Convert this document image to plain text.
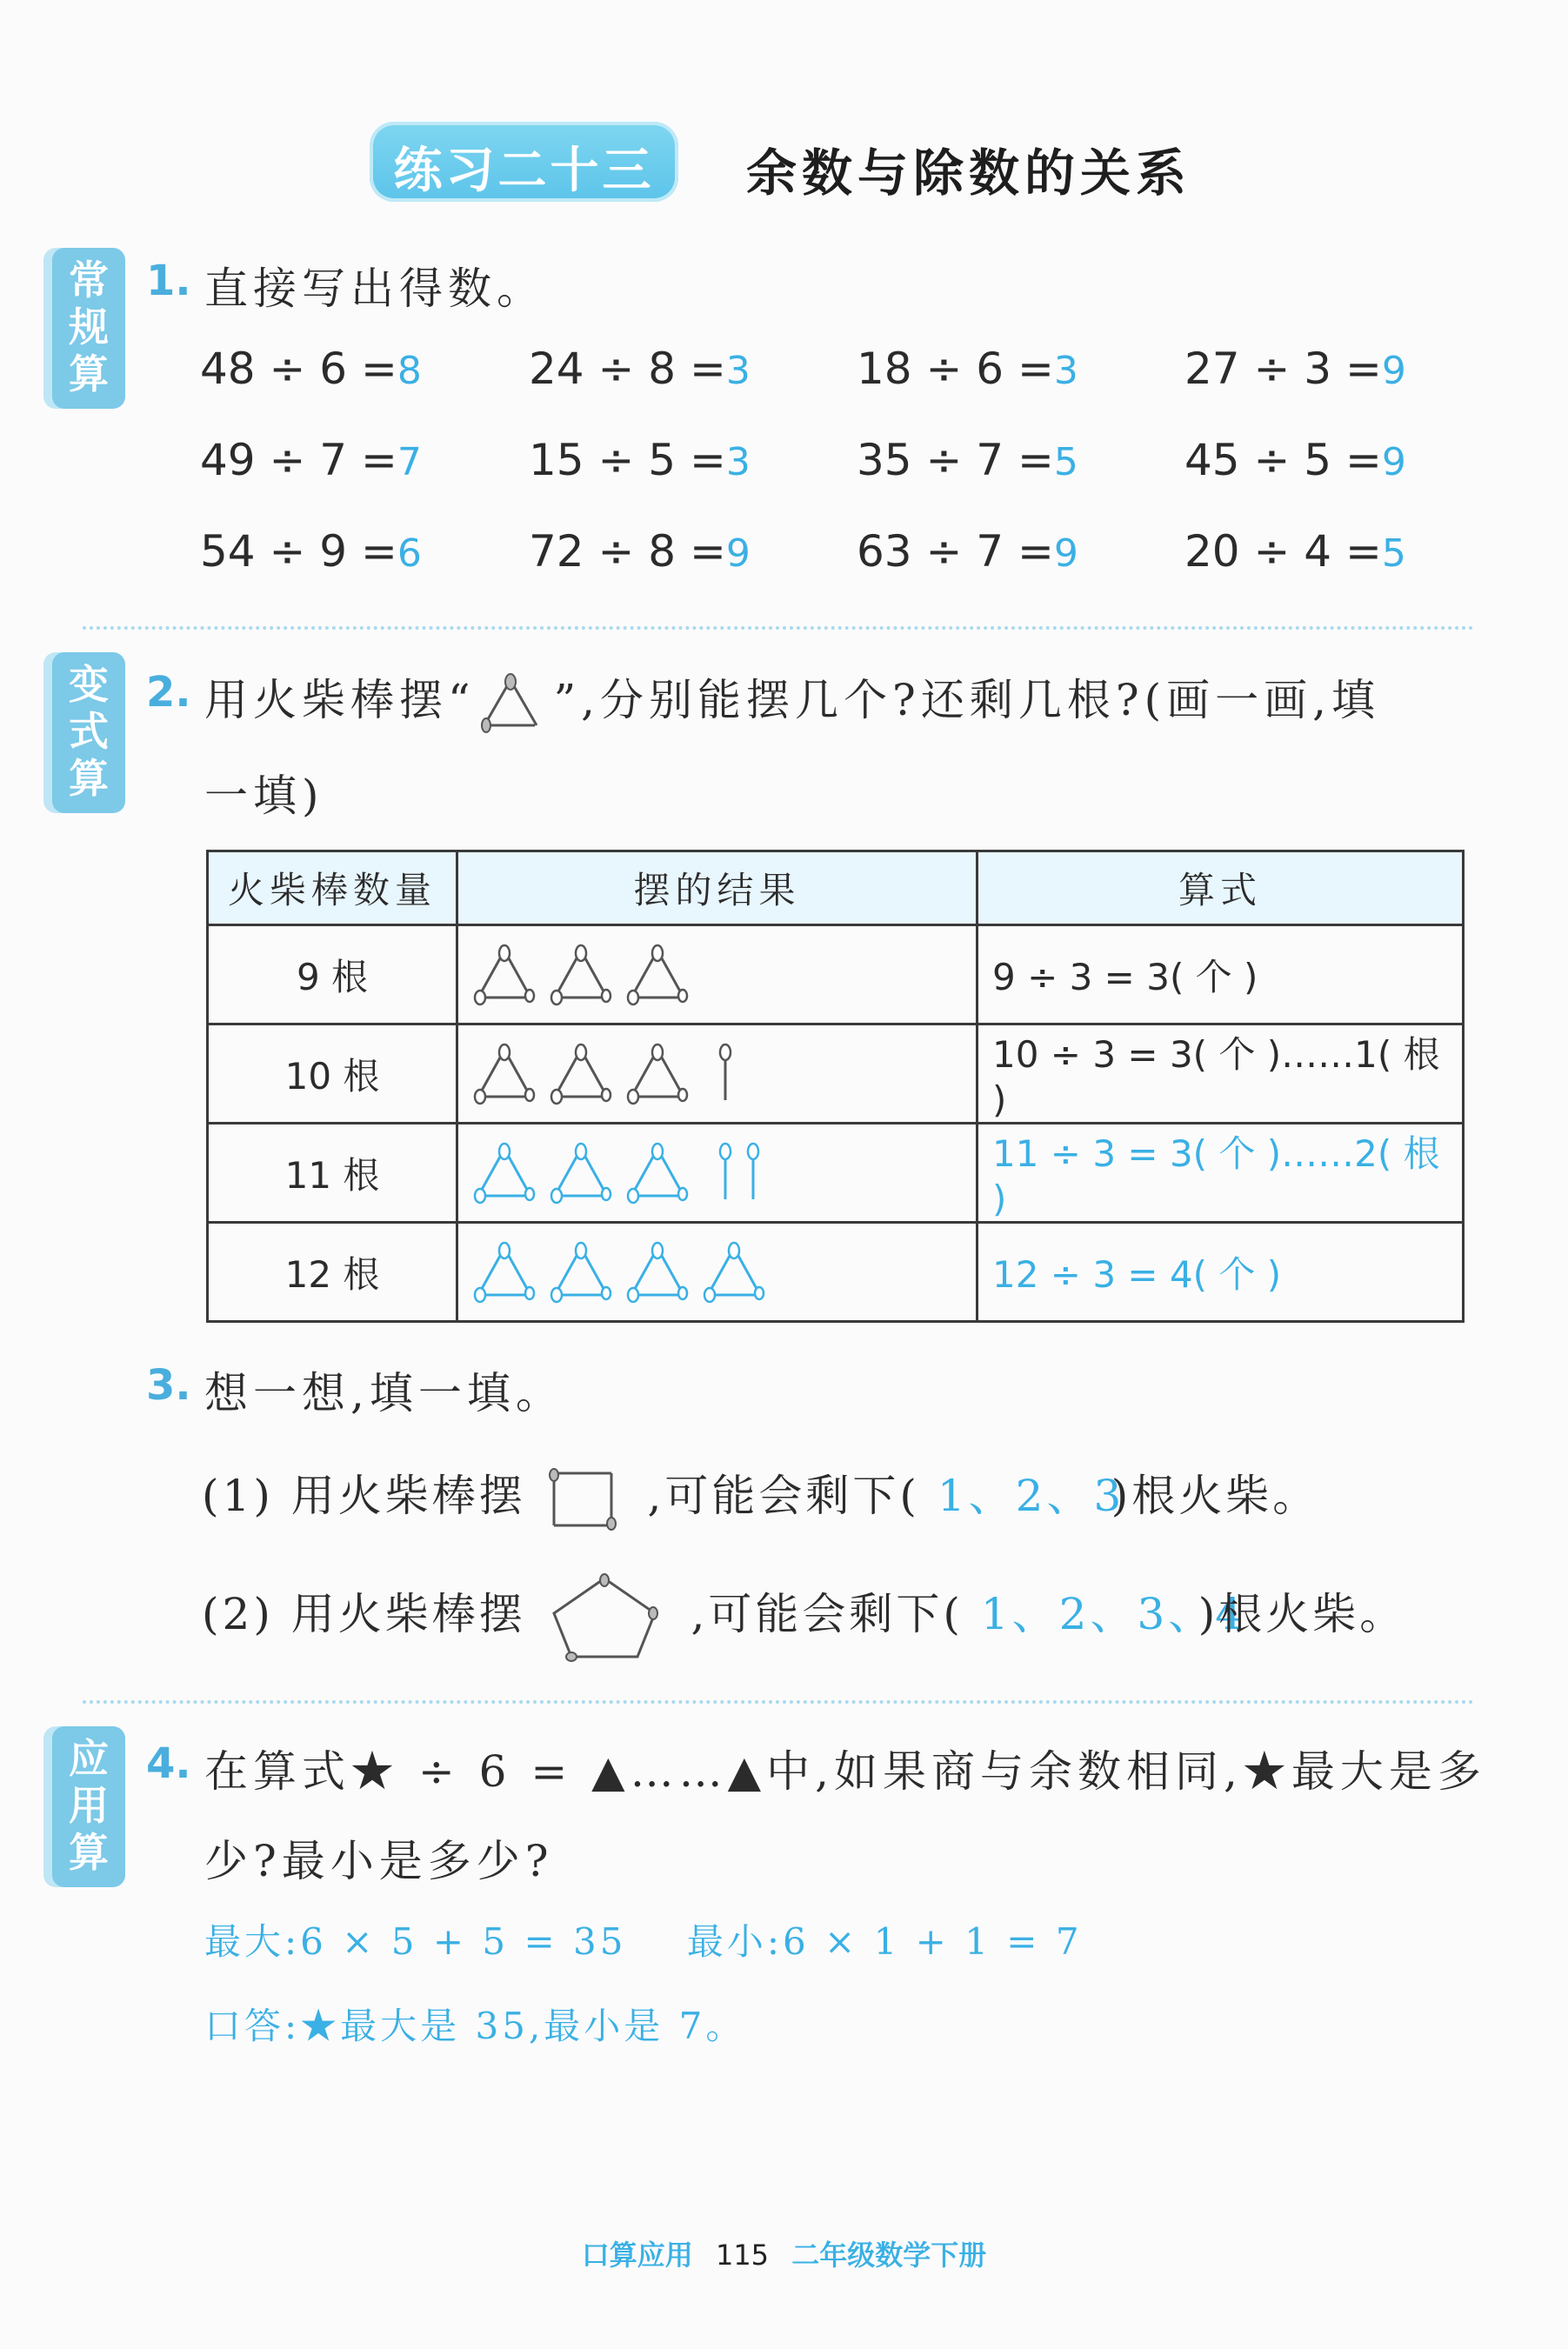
练习二十三	余数与除数的关系
常
规
算
变
式
算
应
用
算
1. 直接写出得数。
48 ÷ 6 =8 24 ÷ 8 =3 18 ÷ 6 =3 27 ÷ 3 =9
49 ÷ 7 =7 15 ÷ 5 =3 35 ÷ 7 =5 45 ÷ 5 =9
54 ÷ 9 =6 72 ÷ 8 =9 63 ÷ 7 =9 20 ÷ 4 =5
2. 用火柴棒摆“ ”,分别能摆几个?还剩几根?(画一画,填
一填)
火柴棒数量	摆的结果	算式
9 根		9 ÷ 3 = 3( 个 )
10 根		10 ÷ 3 = 3( 个 )……1( 根 )
11 根		11 ÷ 3 = 3( 个 )……2( 根 )
12 根		12 ÷ 3 = 4( 个 )
3. 想一想,填一填。
(1) 用火柴棒摆	,可能会剩下( 1、2、3 )根火柴。
(2) 用火柴棒摆	,可能会剩下( 1、2、3、4 )根火柴。
4. 在算式★ ÷ 6 = ▲……▲中,如果商与余数相同,★最大是多
少?最小是多少?
最大:6 × 5 + 5 = 35    最小:6 × 1 + 1 = 7
口答:★最大是 35,最小是 7。
口算应用 115 二年级数学下册
